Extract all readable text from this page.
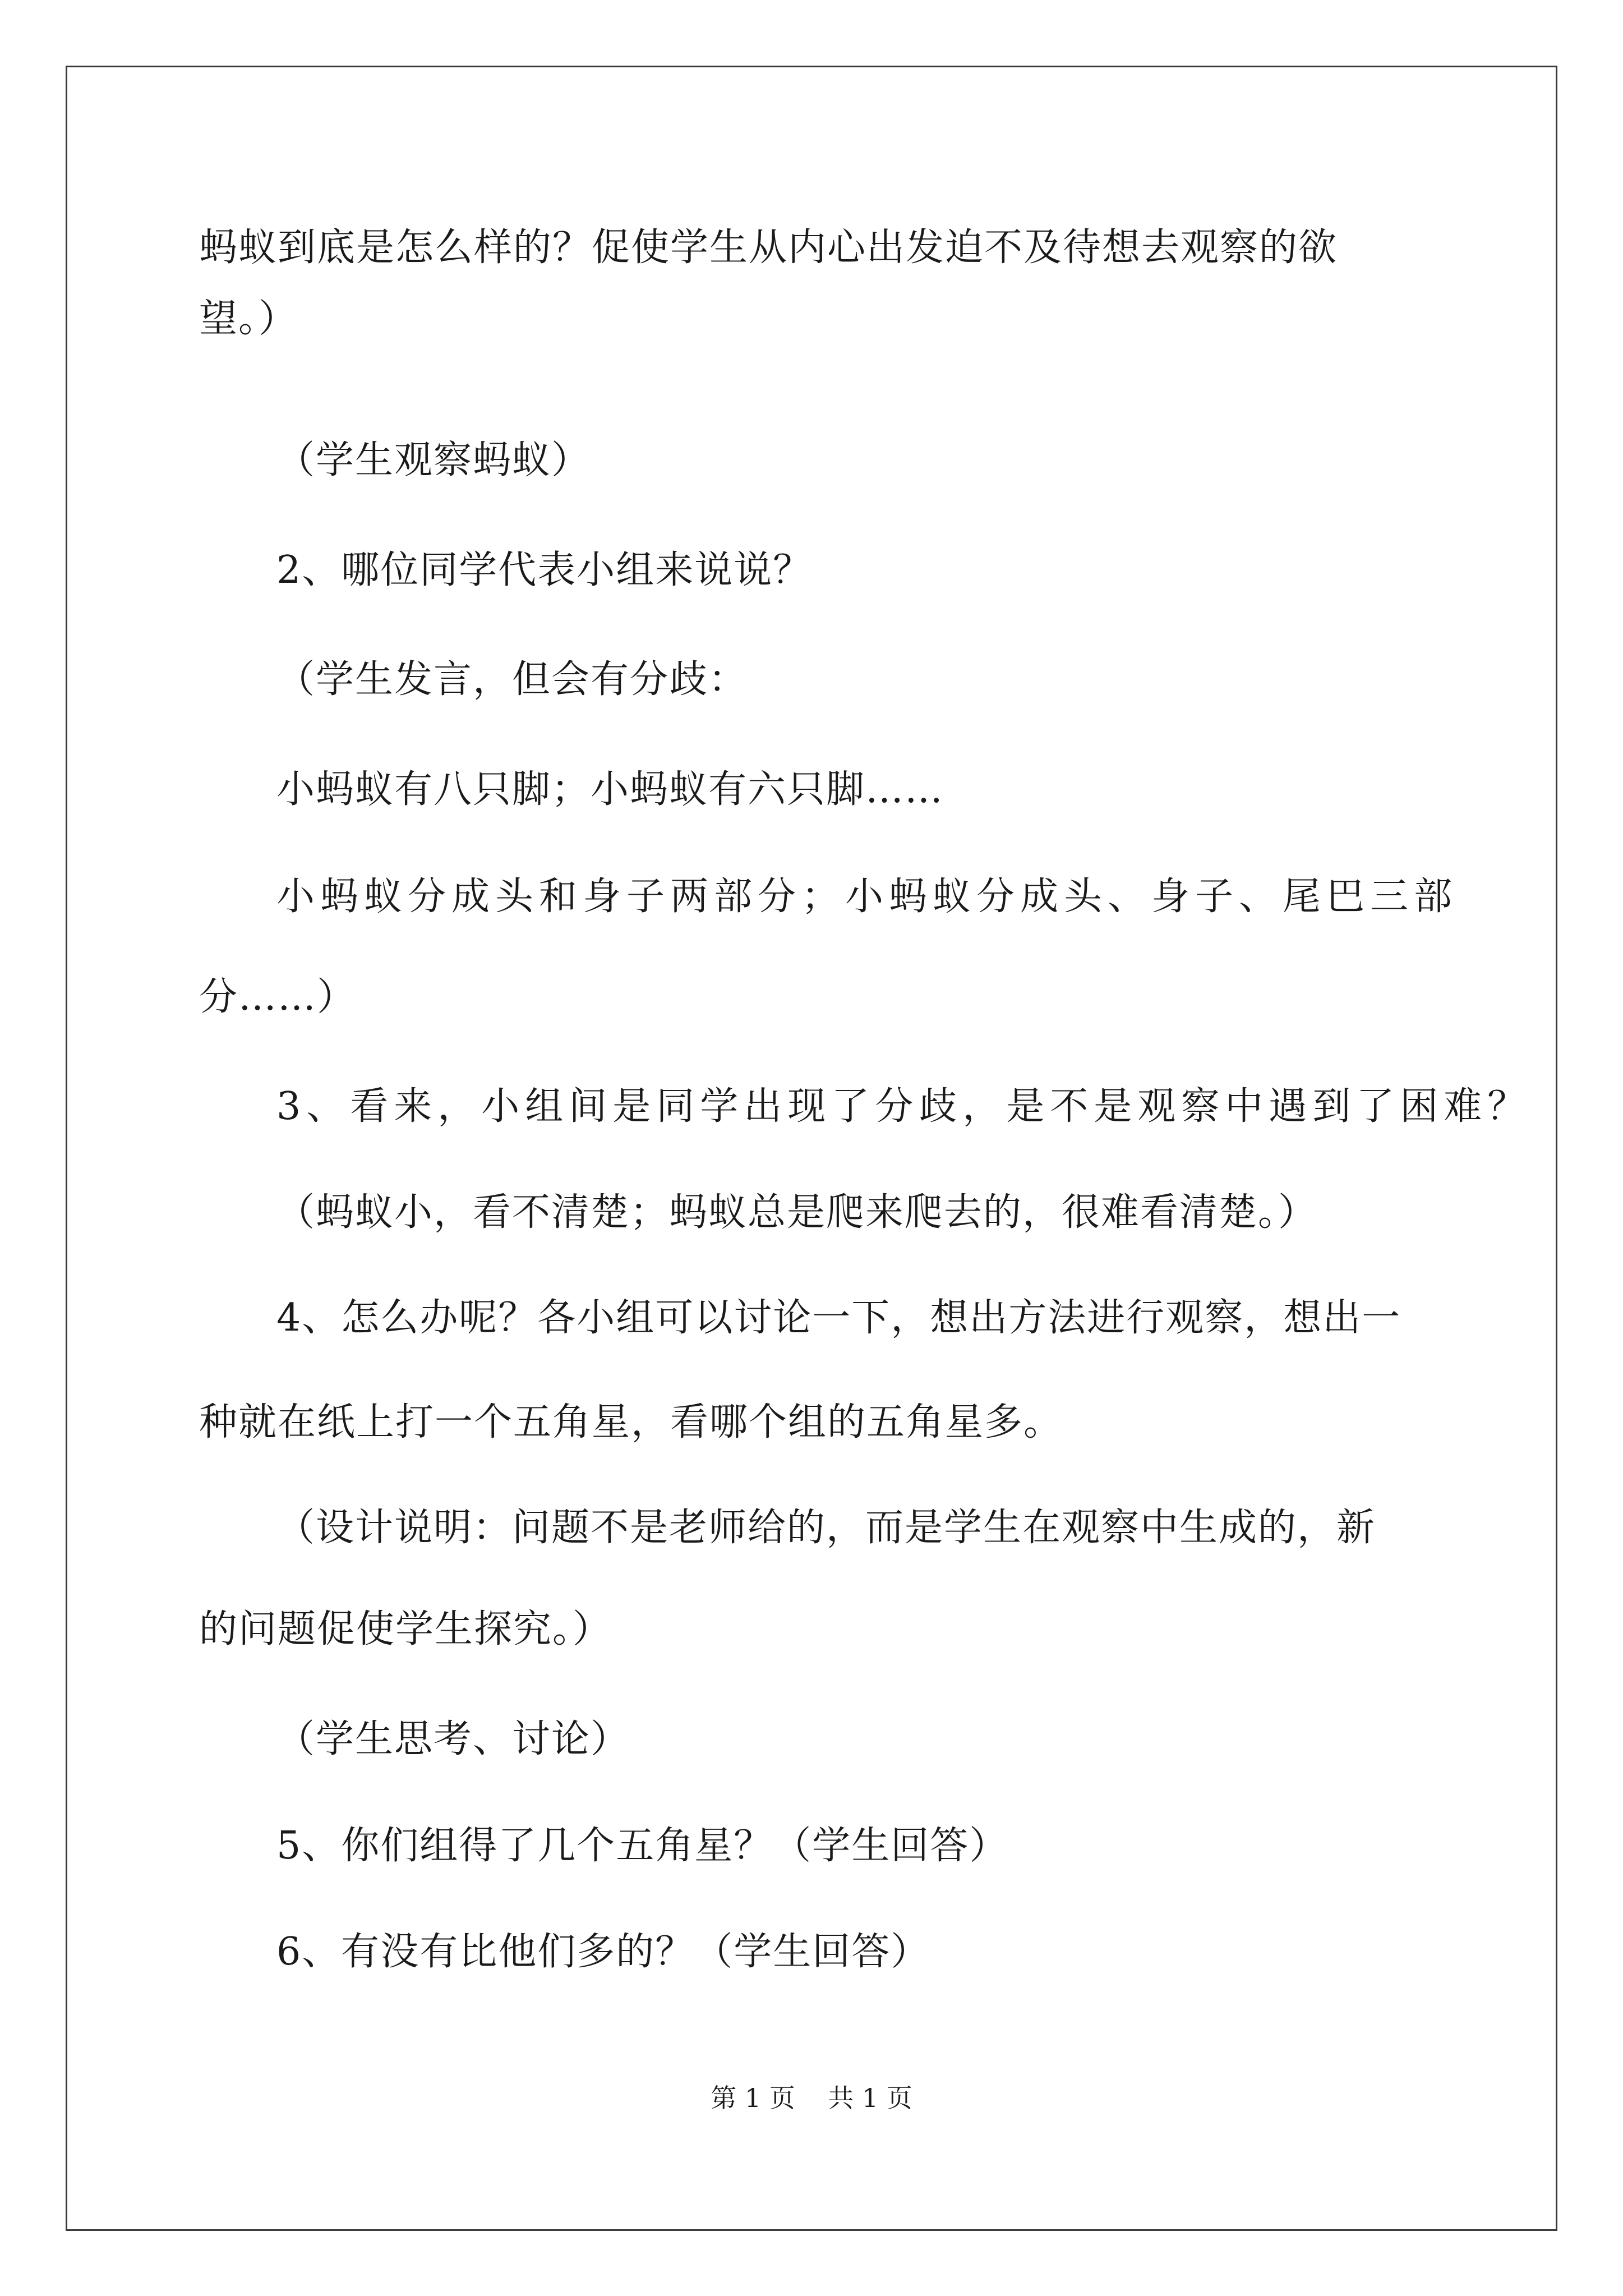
蚂蚁到底是怎么样的？促使学生从内心出发迫不及待想去观察的欲
望。）
（学生观察蚂蚁）
2、哪位同学代表小组来说说？
（学生发言，但会有分歧：
小蚂蚁有八只脚；小蚂蚁有六只脚……
小蚂蚁分成头和身子两部分；小蚂蚁分成头、身子、尾巴三部
分……）
3、看来，小组间是同学出现了分歧，是不是观察中遇到了困难？
（蚂蚁小，看不清楚；蚂蚁总是爬来爬去的，很难看清楚。）
4、怎么办呢？各小组可以讨论一下，想出方法进行观察，想出一
种就在纸上打一个五角星，看哪个组的五角星多。
（设计说明：问题不是老师给的，而是学生在观察中生成的，新
的问题促使学生探究。）
（学生思考、讨论）
5、你们组得了几个五角星？（学生回答）
6、有没有比他们多的？（学生回答）
第 1 页    共 1 页
